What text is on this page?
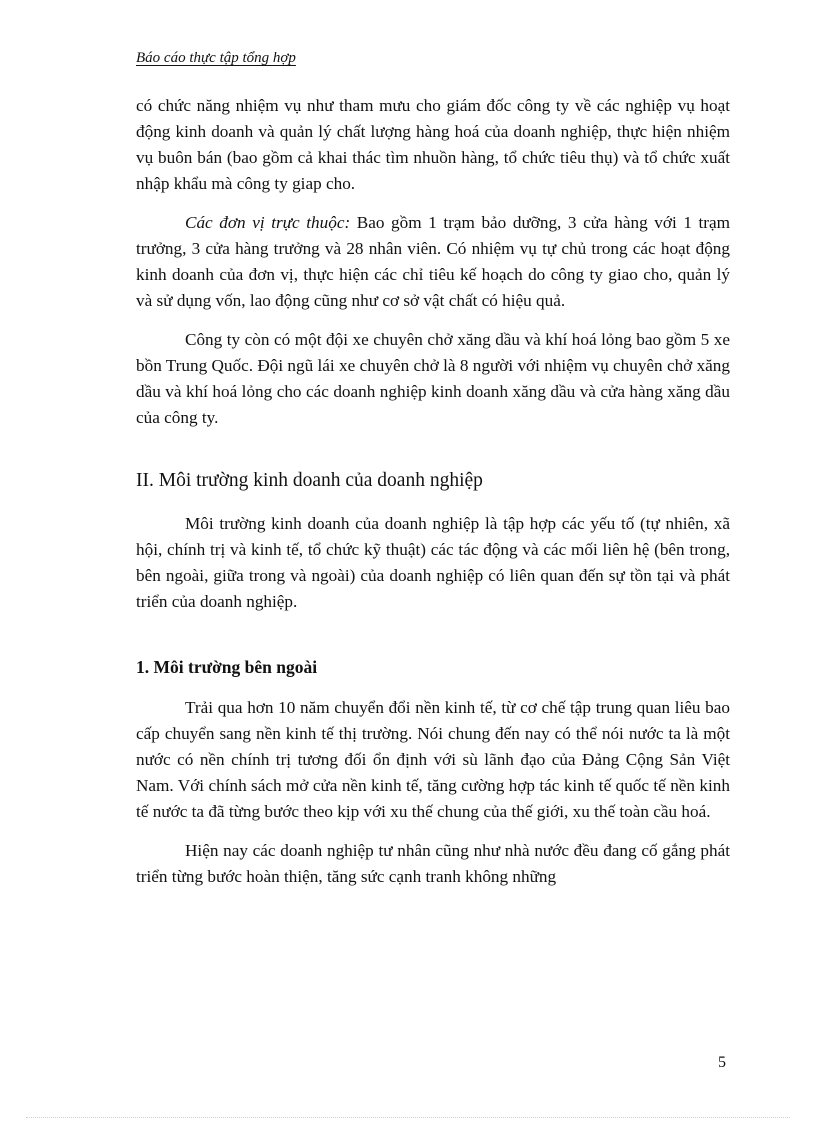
Báo cáo thực tập tổng hợp

có chức năng nhiệm vụ như tham mưu cho giám đốc công ty về các nghiệp vụ hoạt động kinh doanh và quản lý chất lượng hàng hoá của doanh nghiệp, thực hiện nhiệm vụ buôn bán (bao gồm cả khai thác tìm nhuồn hàng, tổ chức tiêu thụ) và tổ chức xuất nhập khẩu mà công ty giap cho.

Các đơn vị trực thuộc: Bao gồm 1 trạm bảo dưỡng, 3 cửa hàng với 1 trạm trưởng, 3 cửa hàng trưởng và 28 nhân viên. Có nhiệm vụ tự chủ trong các hoạt động kinh doanh của đơn vị, thực hiện các chỉ tiêu kế hoạch do công ty giao cho, quản lý và sử dụng vốn, lao động cũng như cơ sở vật chất có hiệu quả.

Công ty còn có một đội xe chuyên chở xăng dầu và khí hoá lỏng bao gồm 5 xe bồn Trung Quốc. Đội ngũ lái xe chuyên chở là 8 người với nhiệm vụ chuyên chở xăng dầu và khí hoá lỏng cho các doanh nghiệp kinh doanh xăng dầu và cửa hàng xăng dầu của công ty.

II. Môi trường kinh doanh của doanh nghiệp

Môi trường kinh doanh của doanh nghiệp là tập hợp các yếu tố (tự nhiên, xã hội, chính trị và kinh tế, tổ chức kỹ thuật) các tác động và các mối liên hệ (bên trong, bên ngoài, giữa trong và ngoài) của doanh nghiệp có liên quan đến sự tồn tại và phát triển của doanh nghiệp.

1. Môi trường bên ngoài

Trải qua hơn 10 năm chuyển đổi nền kinh tế, từ cơ chế tập trung quan liêu bao cấp chuyển sang nền kinh tế thị trường. Nói chung đến nay có thể nói nước ta là một nước có nền chính trị tương đối ổn định với sù lãnh đạo của Đảng Cộng Sản Việt Nam. Với chính sách mở cửa nền kinh tế, tăng cường hợp tác kinh tế quốc tế nền kinh tế nước ta đã từng bước theo kịp với xu thế chung của thế giới, xu thế toàn cầu hoá.

Hiện nay các doanh nghiệp tư nhân cũng như nhà nước đều đang cố gắng phát triển từng bước hoàn thiện, tăng sức cạnh tranh không những

5
